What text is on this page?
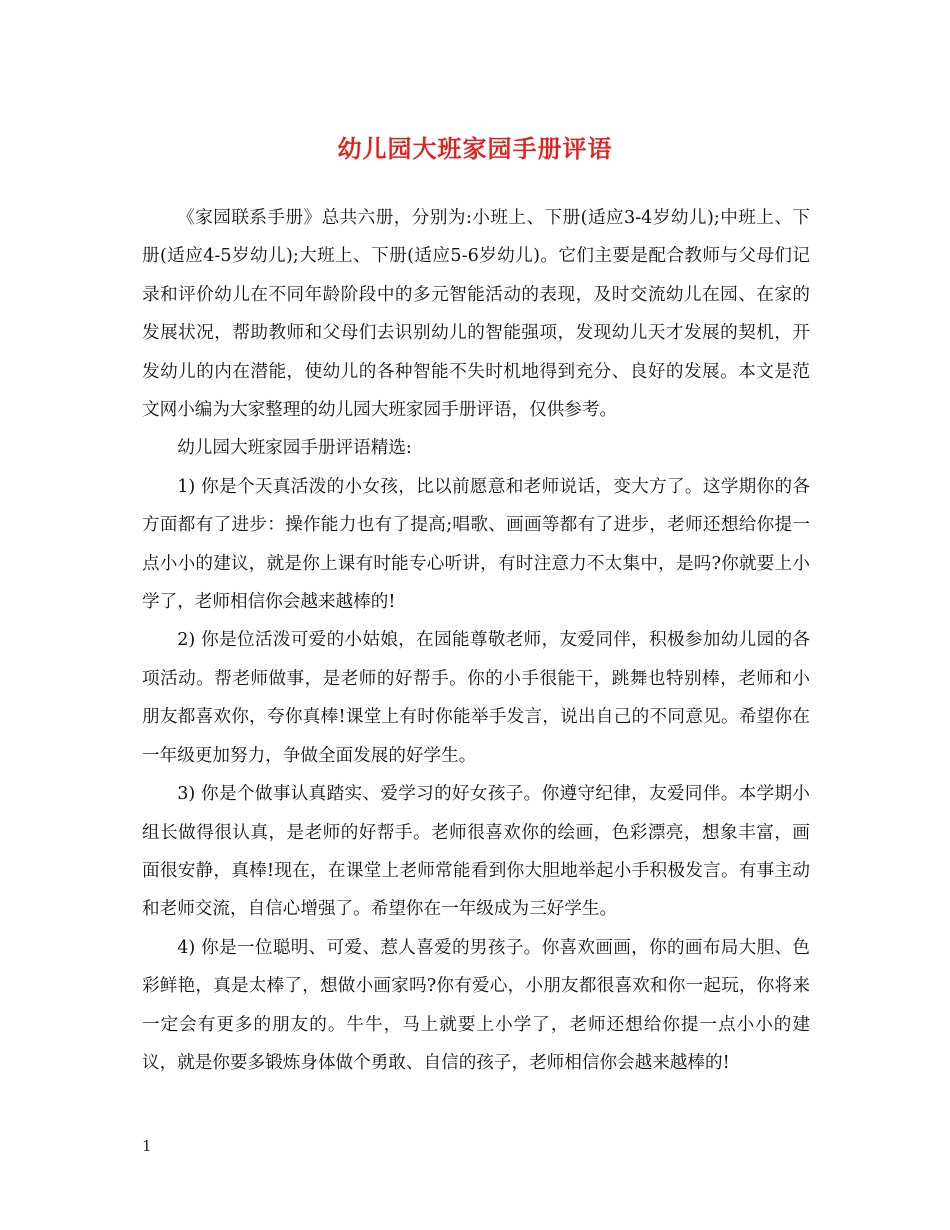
幼儿园大班家园手册评语

《家园联系手册》总共六册，分别为:小班上、下册(适应3-4岁幼儿);中班上、下册(适应4-5岁幼儿);大班上、下册(适应5-6岁幼儿)。它们主要是配合教师与父母们记录和评价幼儿在不同年龄阶段中的多元智能活动的表现，及时交流幼儿在园、在家的发展状况，帮助教师和父母们去识别幼儿的智能强项，发现幼儿天才发展的契机，开发幼儿的内在潜能，使幼儿的各种智能不失时机地得到充分、良好的发展。本文是范文网小编为大家整理的幼儿园大班家园手册评语，仅供参考。

幼儿园大班家园手册评语精选:

1) 你是个天真活泼的小女孩，比以前愿意和老师说话，变大方了。这学期你的各方面都有了进步：操作能力也有了提高;唱歌、画画等都有了进步，老师还想给你提一点小小的建议，就是你上课有时能专心听讲，有时注意力不太集中，是吗?你就要上小学了，老师相信你会越来越棒的!

2) 你是位活泼可爱的小姑娘，在园能尊敬老师，友爱同伴，积极参加幼儿园的各项活动。帮老师做事，是老师的好帮手。你的小手很能干，跳舞也特别棒，老师和小朋友都喜欢你，夸你真棒!课堂上有时你能举手发言，说出自己的不同意见。希望你在一年级更加努力，争做全面发展的好学生。

3) 你是个做事认真踏实、爱学习的好女孩子。你遵守纪律，友爱同伴。本学期小组长做得很认真，是老师的好帮手。老师很喜欢你的绘画，色彩漂亮，想象丰富，画面很安静，真棒!现在，在课堂上老师常能看到你大胆地举起小手积极发言。有事主动和老师交流，自信心增强了。希望你在一年级成为三好学生。

4) 你是一位聪明、可爱、惹人喜爱的男孩子。你喜欢画画，你的画布局大胆、色彩鲜艳，真是太棒了，想做小画家吗?你有爱心，小朋友都很喜欢和你一起玩，你将来一定会有更多的朋友的。牛牛，马上就要上小学了，老师还想给你提一点小小的建议，就是你要多锻炼身体做个勇敢、自信的孩子，老师相信你会越来越棒的!

1
